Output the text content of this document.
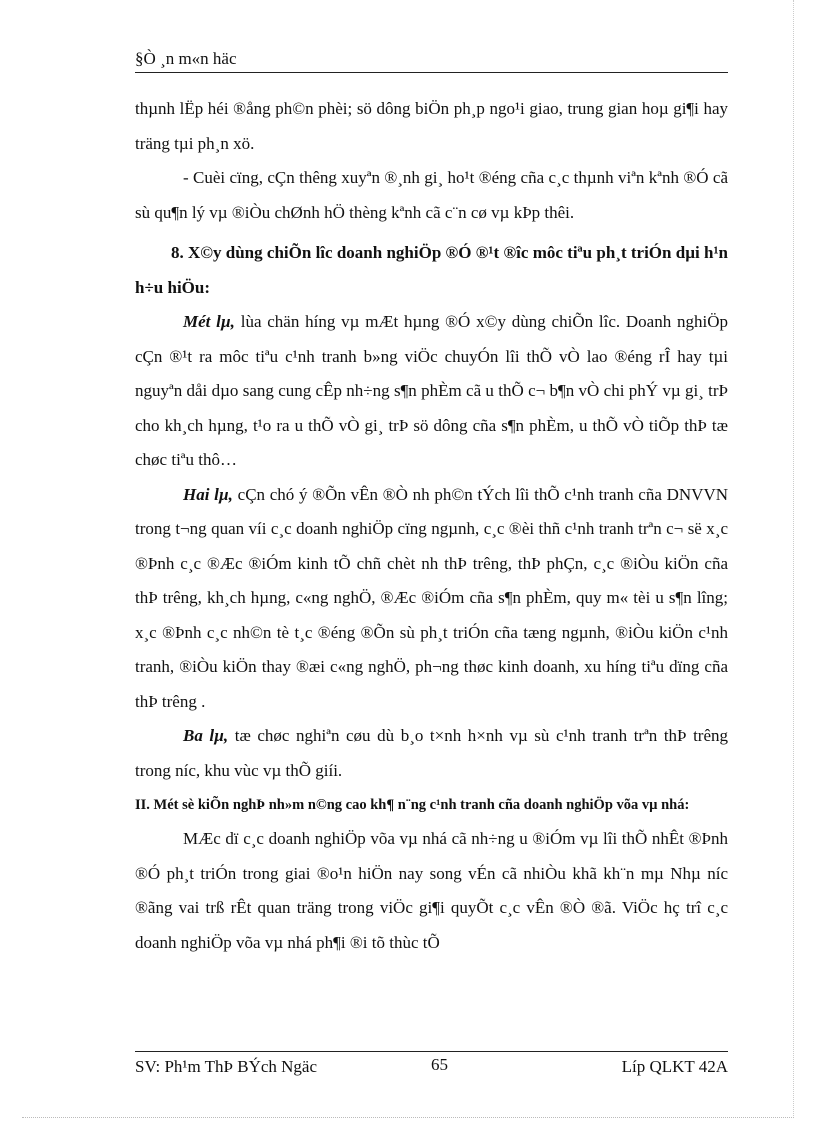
§Ò ¸n m«n häc

thµnh lËp héi ®ång ph©n phèi; sö dông biÖn ph¸p ngo¹i giao, trung gian hoµ gi¶i hay träng tµi ph¸n xö.

- Cuèi cïng, cÇn thêng xuyªn ®¸nh gi¸ ho¹t ®éng cña c¸c thµnh viªn kªnh ®Ó cã sù qu¶n lý vµ ®iÒu chØnh hÖ thèng kªnh cã c¨n cø vµ kÞp thêi.

8. X©y dùng chiÕn lîc doanh nghiÖp ®Ó ®¹t ®îc môc tiªu ph¸t triÓn dµi h¹n h÷u hiÖu:

Mét lµ, lùa chän híng vµ mÆt hµng ®Ó x©y dùng chiÕn lîc. Doanh nghiÖp cÇn ®¹t ra môc tiªu c¹nh tranh b»ng viÖc chuyÓn lîi thÕ vÒ lao ®éng rÎ hay tµi nguyªn dåi dµo sang cung cÊp nh÷ng s¶n phÈm cã u thÕ c¬ b¶n vÒ chi phÝ vµ gi¸ trÞ cho kh¸ch hµng, t¹o ra u thÕ vÒ gi¸ trÞ sö dông cña s¶n phÈm, u thÕ vÒ tiÕp thÞ tæ chøc tiªu thô…

Hai lµ, cÇn chó ý ®Õn vÊn ®Ò nh ph©n tÝch lîi thÕ c¹nh tranh cña DNVVN trong t¬ng quan víi c¸c doanh nghiÖp cïng ngµnh, c¸c ®èi thñ c¹nh tranh trªn c¬ së x¸c ®Þnh c¸c ®Æc ®iÓm kinh tÕ chñ chèt nh thÞ trêng, thÞ phÇn, c¸c ®iÒu kiÖn cña thÞ trêng, kh¸ch hµng, c«ng nghÖ, ®Æc ®iÓm cña s¶n phÈm, quy m« tèi u s¶n lîng; x¸c ®Þnh c¸c nh©n tè t¸c ®éng ®Õn sù ph¸t triÓn cña tæng ngµnh, ®iÒu kiÖn c¹nh tranh, ®iÒu kiÖn thay ®æi c«ng nghÖ, ph¬ng thøc kinh doanh, xu híng tiªu dïng cña thÞ trêng .

Ba lµ, tæ chøc nghiªn cøu dù b¸o t×nh h×nh vµ sù c¹nh tranh trªn thÞ trêng trong níc, khu vùc vµ thÕ giíi.

II. Mét sè kiÕn nghÞ nh»m n©ng cao kh¶ n¨ng c¹nh tranh cña doanh nghiÖp võa vµ nhá:

MÆc dï c¸c doanh nghiÖp võa vµ nhá cã nh÷ng u ®iÓm vµ lîi thÕ nhÊt ®Þnh ®Ó ph¸t triÓn trong giai ®o¹n hiÖn nay song vÉn cã nhiÒu khã kh¨n mµ Nhµ níc ®ãng vai trß rÊt quan träng trong viÖc gi¶i quyÕt c¸c vÊn ®Ò ®ã. ViÖc hç trî c¸c doanh nghiÖp võa vµ nhá ph¶i ®i tõ thùc tÕ

SV: Ph¹m ThÞ BÝch Ngäc	65	Líp QLKT 42A
